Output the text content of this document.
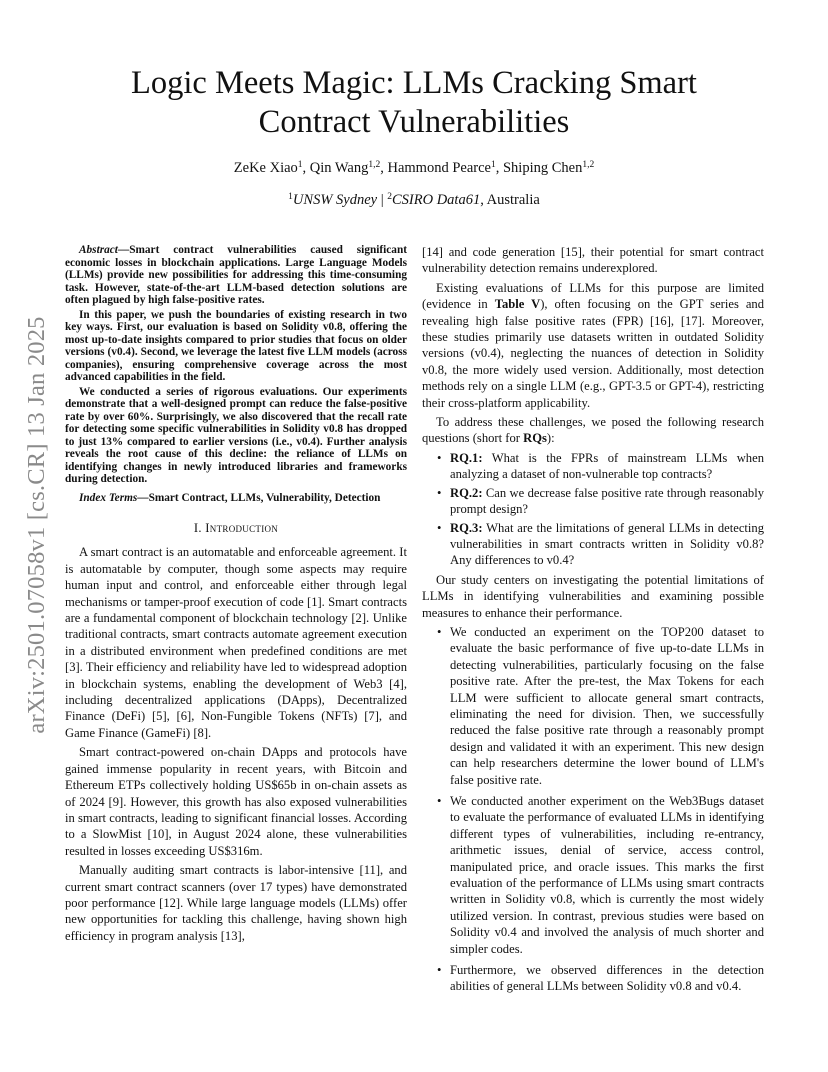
arXiv:2501.07058v1 [cs.CR] 13 Jan 2025
Logic Meets Magic: LLMs Cracking Smart
Contract Vulnerabilities
ZeKe Xiao$^1$, Qin Wang$^{1,2}$, Hammond Pearce$^1$, Shiping Chen$^{1,2}$
$^1$UNSW Sydney | $^2$CSIRO Data61, Australia

Abstract—Smart contract vulnerabilities caused significant economic losses in blockchain applications. Large Language Models (LLMs) provide new possibilities for addressing this time-consuming task. However, state-of-the-art LLM-based detection solutions are often plagued by high false-positive rates.

In this paper, we push the boundaries of existing research in two key ways. First, our evaluation is based on Solidity v0.8, offering the most up-to-date insights compared to prior studies that focus on older versions (v0.4). Second, we leverage the latest five LLM models (across companies), ensuring comprehensive coverage across the most advanced capabilities in the field.

We conducted a series of rigorous evaluations. Our experiments demonstrate that a well-designed prompt can reduce the false-positive rate by over 60%. Surprisingly, we also discovered that the recall rate for detecting some specific vulnerabilities in Solidity v0.8 has dropped to just 13% compared to earlier versions (i.e., v0.4). Further analysis reveals the root cause of this decline: the reliance of LLMs on identifying changes in newly introduced libraries and frameworks during detection.

Index Terms—Smart Contract, LLMs, Vulnerability, Detection

I. Introduction

A smart contract is an automatable and enforceable agreement. It is automatable by computer, though some aspects may require human input and control, and enforceable either through legal mechanisms or tamper-proof execution of code [1]. Smart contracts are a fundamental component of blockchain technology [2]. Unlike traditional contracts, smart contracts automate agreement execution in a distributed environment when predefined conditions are met [3]. Their efficiency and reliability have led to widespread adoption in blockchain systems, enabling the development of Web3 [4], including decentralized applications (DApps), Decentralized Finance (DeFi) [5], [6], Non-Fungible Tokens (NFTs) [7], and Game Finance (GameFi) [8].

Smart contract-powered on-chain DApps and protocols have gained immense popularity in recent years, with Bitcoin and Ethereum ETPs collectively holding US$65b in on-chain assets as of 2024 [9]. However, this growth has also exposed vulnerabilities in smart contracts, leading to significant financial losses. According to a SlowMist [10], in August 2024 alone, these vulnerabilities resulted in losses exceeding US$316m.

Manually auditing smart contracts is labor-intensive [11], and current smart contract scanners (over 17 types) have demonstrated poor performance [12]. While large language models (LLMs) offer new opportunities for tackling this challenge, having shown high efficiency in program analysis [13],

[14] and code generation [15], their potential for smart contract vulnerability detection remains underexplored.

Existing evaluations of LLMs for this purpose are limited (evidence in Table V), often focusing on the GPT series and revealing high false positive rates (FPR) [16], [17]. Moreover, these studies primarily use datasets written in outdated Solidity versions (v0.4), neglecting the nuances of detection in Solidity v0.8, the more widely used version. Additionally, most detection methods rely on a single LLM (e.g., GPT-3.5 or GPT-4), restricting their cross-platform applicability.

To address these challenges, we posed the following research questions (short for RQs):

• RQ.1: What is the FPRs of mainstream LLMs when analyzing a dataset of non-vulnerable top contracts?
• RQ.2: Can we decrease false positive rate through reasonably prompt design?
• RQ.3: What are the limitations of general LLMs in detecting vulnerabilities in smart contracts written in Solidity v0.8? Any differences to v0.4?

Our study centers on investigating the potential limitations of LLMs in identifying vulnerabilities and examining possible measures to enhance their performance.

• We conducted an experiment on the TOP200 dataset to evaluate the basic performance of five up-to-date LLMs in detecting vulnerabilities, particularly focusing on the false positive rate. After the pre-test, the Max Tokens for each LLM were sufficient to allocate general smart contracts, eliminating the need for division. Then, we successfully reduced the false positive rate through a reasonably prompt design and validated it with an experiment. This new design can help researchers determine the lower bound of LLM's false positive rate.
• We conducted another experiment on the Web3Bugs dataset to evaluate the performance of evaluated LLMs in identifying different types of vulnerabilities, including re-entrancy, arithmetic issues, denial of service, access control, manipulated price, and oracle issues. This marks the first evaluation of the performance of LLMs using smart contracts written in Solidity v0.8, which is currently the most widely utilized version. In contrast, previous studies were based on Solidity v0.4 and involved the analysis of much shorter and simpler codes.
• Furthermore, we observed differences in the detection abilities of general LLMs between Solidity v0.8 and v0.4.
